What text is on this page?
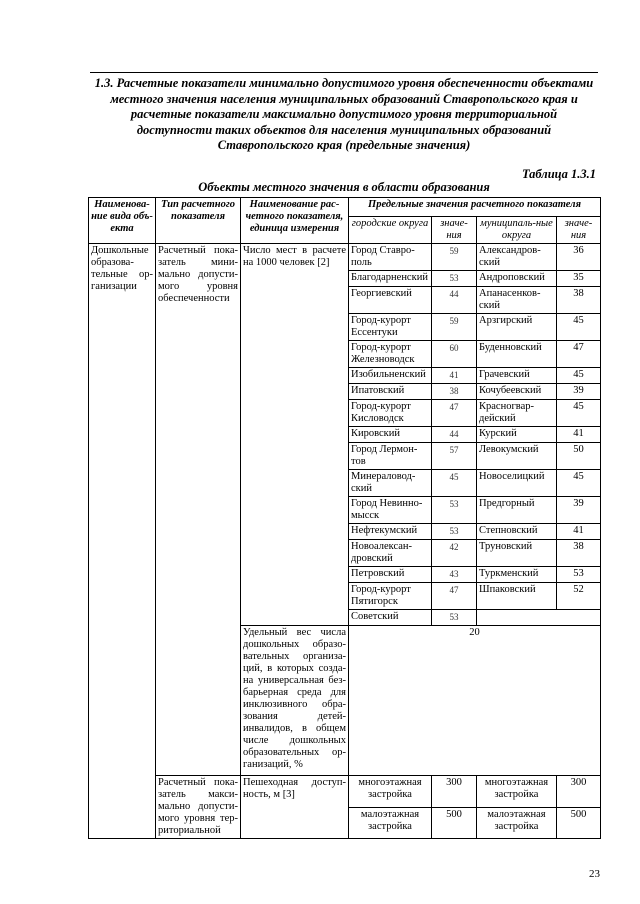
1.3. Расчетные показатели минимально допустимого уровня обеспеченности объектами местного значения населения муниципальных образований Ставропольского края и расчетные показатели максимально допустимого уровня территориальной доступности таких объектов для населения муниципальных образований Ставропольского края (предельные значения)
Таблица 1.3.1
Объекты местного значения в области образования
Наименова-ние вида объ-екта	Тип расчетного показателя	Наименование рас-четного показателя, единица измерения	Предельные значения расчетного показателя			
			городские округа	значе-ния	муниципаль-ные округа	значе-ния
Дошкольные образова-тельные ор-ганизации	Расчетный пока-затель мини-мально допусти-мого уровня обеспеченности	Число мест в расчете на 1000 человек [2]	Город Ставро-поль	59	Александров-ский	36
			Благодарненский	53	Андроповский	35
			Георгиевский	44	Апанасенков-ский	38
			Город-курорт Ессентуки	59	Арзгирский	45
			Город-курорт Железноводск	60	Буденновский	47
			Изобильненский	41	Грачевский	45
			Ипатовский	38	Кочубеевский	39
			Город-курорт Кисловодск	47	Красногвар-дейский	45
			Кировский	44	Курский	41
			Город Лермон-тов	57	Левокумский	50
			Минераловод-ский	45	Новоселицкий	45
			Город Невинно-мысск	53	Предгорный	39
			Нефтекумский	53	Степновский	41
			Новоалексан-дровский	42	Труновский	38
			Петровский	43	Туркменский	53
			Город-курорт Пятигорск	47	Шпаковский	52
			Советский	53		
		Удельный вес числа дошкольных образо-вательных организа-ций, в которых созда-на универсальная без-барьерная среда для инклюзивного обра-зования детей-инвалидов, в общем числе дошкольных образовательных ор-ганизаций, %	20			
	Расчетный пока-затель макси-мально допусти-мого уровня тер-риториальной	Пешеходная доступ-ность, м [3]	многоэтажная застройка	300	многоэтажная застройка	300
			малоэтажная застройка	500	малоэтажная застройка	500
23
